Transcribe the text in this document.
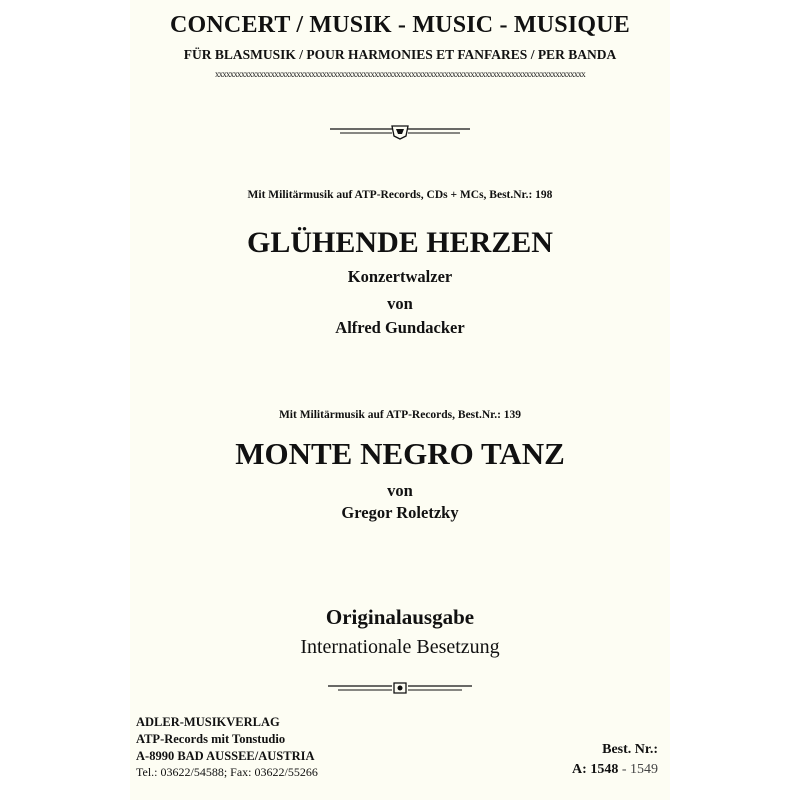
CONCERT / MUSIK - MUSIC - MUSIQUE
FÜR BLASMUSIK / POUR HARMONIES ET FANFARES / PER BANDA
xxxxxxxxxxxxxxxxxxxxxxxxxxxxxxxxxxxxxxxxxxxxxxxxxxxxxxxxxxxxxxxxxxxxxxxxxxxxxxxxxxxxxxxxxxxxxxxxxxxx
Mit Militärmusik auf ATP-Records, CDs + MCs, Best.Nr.: 198
GLÜHENDE HERZEN
Konzertwalzer
von
Alfred Gundacker
Mit Militärmusik auf ATP-Records, Best.Nr.: 139
MONTE NEGRO TANZ
von
Gregor Roletzky
Originalausgabe
Internationale Besetzung
ADLER-MUSIKVERLAG
ATP-Records mit Tonstudio
A-8990 BAD AUSSEE/AUSTRIA
Tel.: 03622/54588; Fax: 03622/55266
Best. Nr.:
A: 1548 - 1549
